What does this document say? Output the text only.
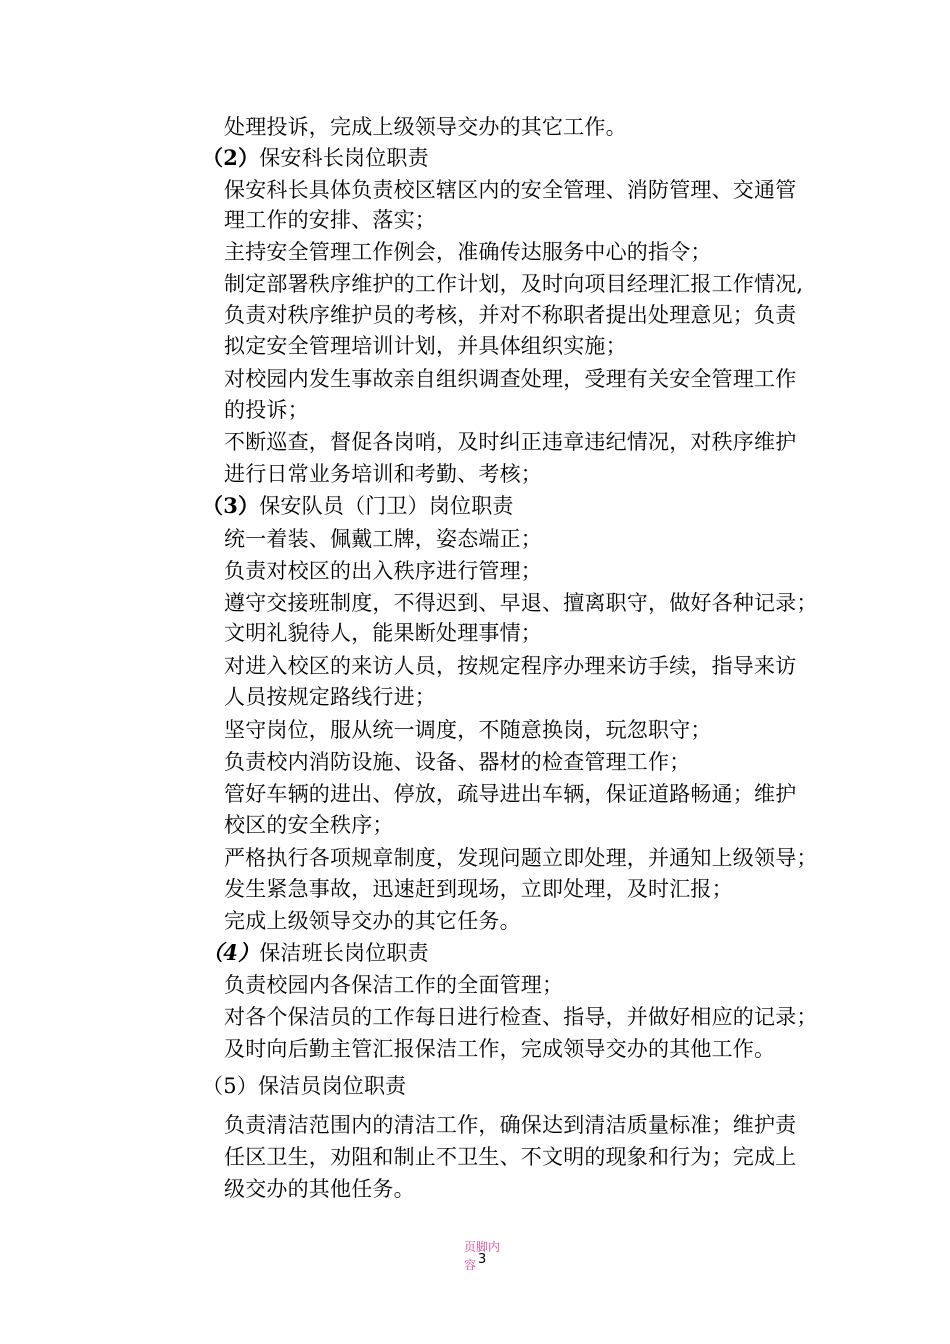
处理投诉，完成上级领导交办的其它工作。
（2）保安科长岗位职责
保安科长具体负责校区辖区内的安全管理、消防管理、交通管
理工作的安排、落实；
主持安全管理工作例会，准确传达服务中心的指令；
制定部署秩序维护的工作计划，及时向项目经理汇报工作情况,
负责对秩序维护员的考核，并对不称职者提出处理意见；负责
拟定安全管理培训计划，并具体组织实施；
对校园内发生事故亲自组织调查处理，受理有关安全管理工作
的投诉；
不断巡查，督促各岗哨，及时纠正违章违纪情况，对秩序维护
进行日常业务培训和考勤、考核；
（3）保安队员（门卫）岗位职责
统一着装、佩戴工牌，姿态端正；
负责对校区的出入秩序进行管理；
遵守交接班制度，不得迟到、早退、擅离职守，做好各种记录；
文明礼貌待人，能果断处理事情；
对进入校区的来访人员，按规定程序办理来访手续，指导来访
人员按规定路线行进；
坚守岗位，服从统一调度，不随意换岗，玩忽职守；
负责校内消防设施、设备、器材的检查管理工作；
管好车辆的进出、停放，疏导进出车辆，保证道路畅通；维护
校区的安全秩序；
严格执行各项规章制度，发现问题立即处理，并通知上级领导；
发生紧急事故，迅速赶到现场，立即处理，及时汇报；
完成上级领导交办的其它任务。
（4）保洁班长岗位职责
负责校园内各保洁工作的全面管理；
对各个保洁员的工作每日进行检查、指导，并做好相应的记录；
及时向后勤主管汇报保洁工作，完成领导交办的其他工作。
（5）保洁员岗位职责
负责清洁范围内的清洁工作，确保达到清洁质量标准；维护责
任区卫生，劝阻和制止不卫生、不文明的现象和行为；完成上
级交办的其他任务。
页脚内容 3
